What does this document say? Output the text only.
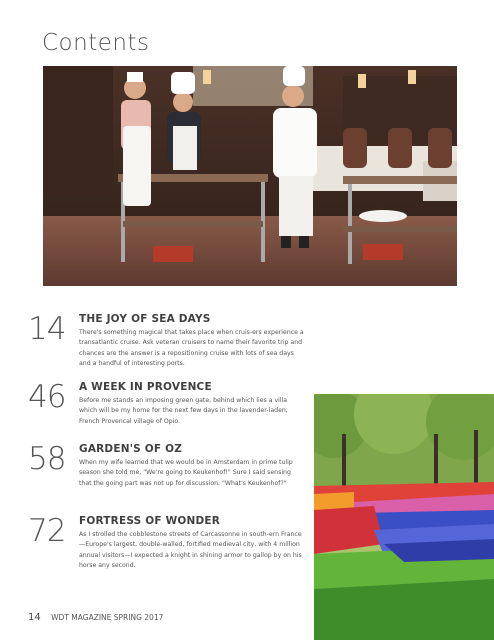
Contents
14	THE JOY OF SEA DAYS
There's something magical that takes place when cruis-ers experience a transatlantic cruise. Ask veteran cruisers to name their favorite trip and chances are the answer is a repositioning cruise with lots of sea days and a handful of interesting ports.
46	A WEEK IN PROVENCE
Before me stands an imposing green gate, behind which lies a villa which will be my home for the next few days in the lavender-laden, French Provencal village of Opio.
58	GARDEN'S OF OZ
When my wife learned that we would be in Amsterdam in prime tulip season she told me, "We're going to Keukenhof!" Sure I said sensing that the going part was not up for discussion. "What's Keukenhof?"
72	FORTRESS OF WONDER
As I strolled the cobblestone streets of Carcassonne in south-ern France—Europe's largest, double-walled, fortified medieval city, with 4 million annual visitors—I expected a knight in shining armor to gallop by on his horse any second.
14 WDT MAGAZINE SPRING 2017
